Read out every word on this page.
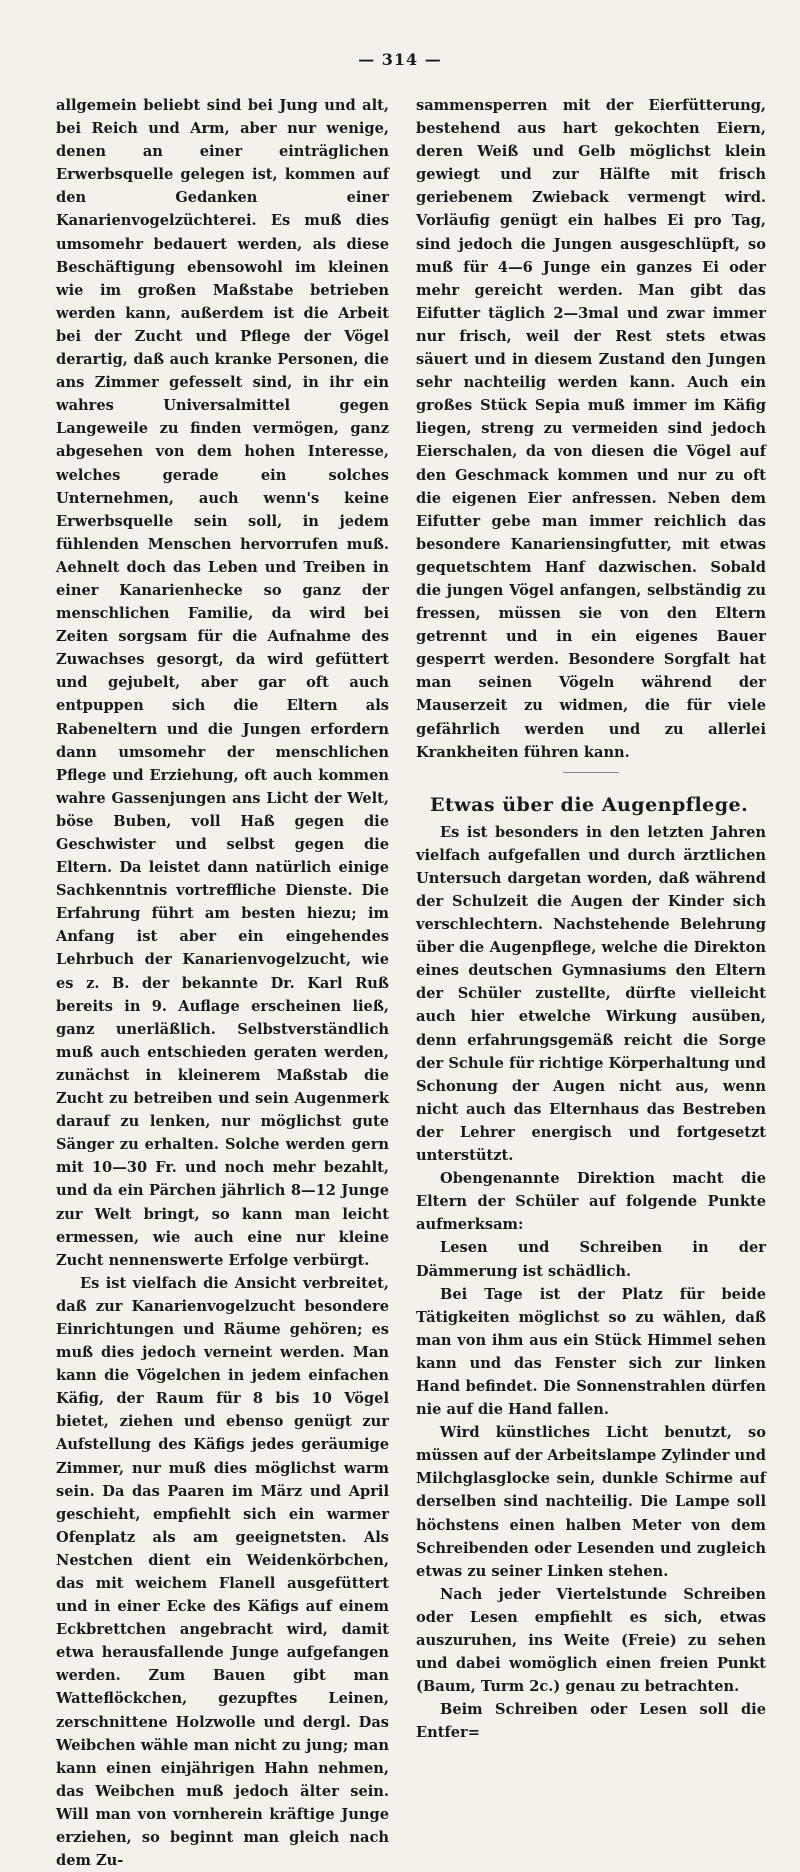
— 314 —

allgemein beliebt sind bei Jung und alt, bei Reich und Arm, aber nur wenige, denen an einer einträglichen Erwerbsquelle gelegen ist, kommen auf den Gedanken einer Kanarienvogelzüchterei. Es muß dies umsomehr bedauert werden, als diese Beschäftigung ebensowohl im kleinen wie im großen Maßstabe betrieben werden kann, außerdem ist die Arbeit bei der Zucht und Pflege der Vögel derartig, daß auch kranke Personen, die ans Zimmer gefesselt sind, in ihr ein wahres Universalmittel gegen Langeweile zu finden vermögen, ganz abgesehen von dem hohen Interesse, welches gerade ein solches Unternehmen, auch wenn's keine Erwerbsquelle sein soll, in jedem fühlenden Menschen hervorrufen muß. Aehnelt doch das Leben und Treiben in einer Kanarienhecke so ganz der menschlichen Familie, da wird bei Zeiten sorgsam für die Aufnahme des Zuwachses gesorgt, da wird gefüttert und gejubelt, aber gar oft auch entpuppen sich die Eltern als Rabeneltern und die Jungen erfordern dann umsomehr der menschlichen Pflege und Erziehung, oft auch kommen wahre Gassenjungen ans Licht der Welt, böse Buben, voll Haß gegen die Geschwister und selbst gegen die Eltern. Da leistet dann natürlich einige Sachkenntnis vortreffliche Dienste. Die Erfahrung führt am besten hiezu; im Anfang ist aber ein eingehendes Lehrbuch der Kanarienvogelzucht, wie es z. B. der bekannte Dr. Karl Ruß bereits in 9. Auflage erscheinen ließ, ganz unerläßlich. Selbstverständlich muß auch entschieden geraten werden, zunächst in kleinerem Maßstab die Zucht zu betreiben und sein Augenmerk darauf zu lenken, nur möglichst gute Sänger zu erhalten. Solche werden gern mit 10—30 Fr. und noch mehr bezahlt, und da ein Pärchen jährlich 8—12 Junge zur Welt bringt, so kann man leicht ermessen, wie auch eine nur kleine Zucht nennenswerte Erfolge verbürgt.

Es ist vielfach die Ansicht verbreitet, daß zur Kanarienvogelzucht besondere Einrichtungen und Räume gehören; es muß dies jedoch verneint werden. Man kann die Vögelchen in jedem einfachen Käfig, der Raum für 8 bis 10 Vögel bietet, ziehen und ebenso genügt zur Aufstellung des Käfigs jedes geräumige Zimmer, nur muß dies möglichst warm sein. Da das Paaren im März und April geschieht, empfiehlt sich ein warmer Ofenplatz als am geeignetsten. Als Nestchen dient ein Weidenkörbchen, das mit weichem Flanell ausgefüttert und in einer Ecke des Käfigs auf einem Eckbrettchen angebracht wird, damit etwa herausfallende Junge aufgefangen werden. Zum Bauen gibt man Watteflöckchen, gezupftes Leinen, zerschnittene Holzwolle und dergl. Das Weibchen wähle man nicht zu jung; man kann einen einjährigen Hahn nehmen, das Weibchen muß jedoch älter sein. Will man von vornherein kräftige Junge erziehen, so beginnt man gleich nach dem Zu-

sammensperren mit der Eierfütterung, bestehend aus hart gekochten Eiern, deren Weiß und Gelb möglichst klein gewiegt und zur Hälfte mit frisch geriebenem Zwieback vermengt wird. Vorläufig genügt ein halbes Ei pro Tag, sind jedoch die Jungen ausgeschlüpft, so muß für 4—6 Junge ein ganzes Ei oder mehr gereicht werden. Man gibt das Eifutter täglich 2—3mal und zwar immer nur frisch, weil der Rest stets etwas säuert und in diesem Zustand den Jungen sehr nachteilig werden kann. Auch ein großes Stück Sepia muß immer im Käfig liegen, streng zu vermeiden sind jedoch Eierschalen, da von diesen die Vögel auf den Geschmack kommen und nur zu oft die eigenen Eier anfressen. Neben dem Eifutter gebe man immer reichlich das besondere Kanariensingfutter, mit etwas gequetschtem Hanf dazwischen. Sobald die jungen Vögel anfangen, selbständig zu fressen, müssen sie von den Eltern getrennt und in ein eigenes Bauer gesperrt werden. Besondere Sorgfalt hat man seinen Vögeln während der Mauserzeit zu widmen, die für viele gefährlich werden und zu allerlei Krankheiten führen kann.

Etwas über die Augenpflege.

Es ist besonders in den letzten Jahren vielfach aufgefallen und durch ärztlichen Untersuch dargetan worden, daß während der Schulzeit die Augen der Kinder sich verschlechtern. Nachstehende Belehrung über die Augenpflege, welche die Direkton eines deutschen Gymnasiums den Eltern der Schüler zustellte, dürfte vielleicht auch hier etwelche Wirkung ausüben, denn erfahrungsgemäß reicht die Sorge der Schule für richtige Körperhaltung und Schonung der Augen nicht aus, wenn nicht auch das Elternhaus das Bestreben der Lehrer energisch und fortgesetzt unterstützt.

Obengenannte Direktion macht die Eltern der Schüler auf folgende Punkte aufmerksam:

Lesen und Schreiben in der Dämmerung ist schädlich.

Bei Tage ist der Platz für beide Tätigkeiten möglichst so zu wählen, daß man von ihm aus ein Stück Himmel sehen kann und das Fenster sich zur linken Hand befindet. Die Sonnenstrahlen dürfen nie auf die Hand fallen.

Wird künstliches Licht benutzt, so müssen auf der Arbeitslampe Zylinder und Milchglasglocke sein, dunkle Schirme auf derselben sind nachteilig. Die Lampe soll höchstens einen halben Meter von dem Schreibenden oder Lesenden und zugleich etwas zu seiner Linken stehen.

Nach jeder Viertelstunde Schreiben oder Lesen empfiehlt es sich, etwas auszuruhen, ins Weite (Freie) zu sehen und dabei womöglich einen freien Punkt (Baum, Turm 2c.) genau zu betrachten.

Beim Schreiben oder Lesen soll die Entfer=
